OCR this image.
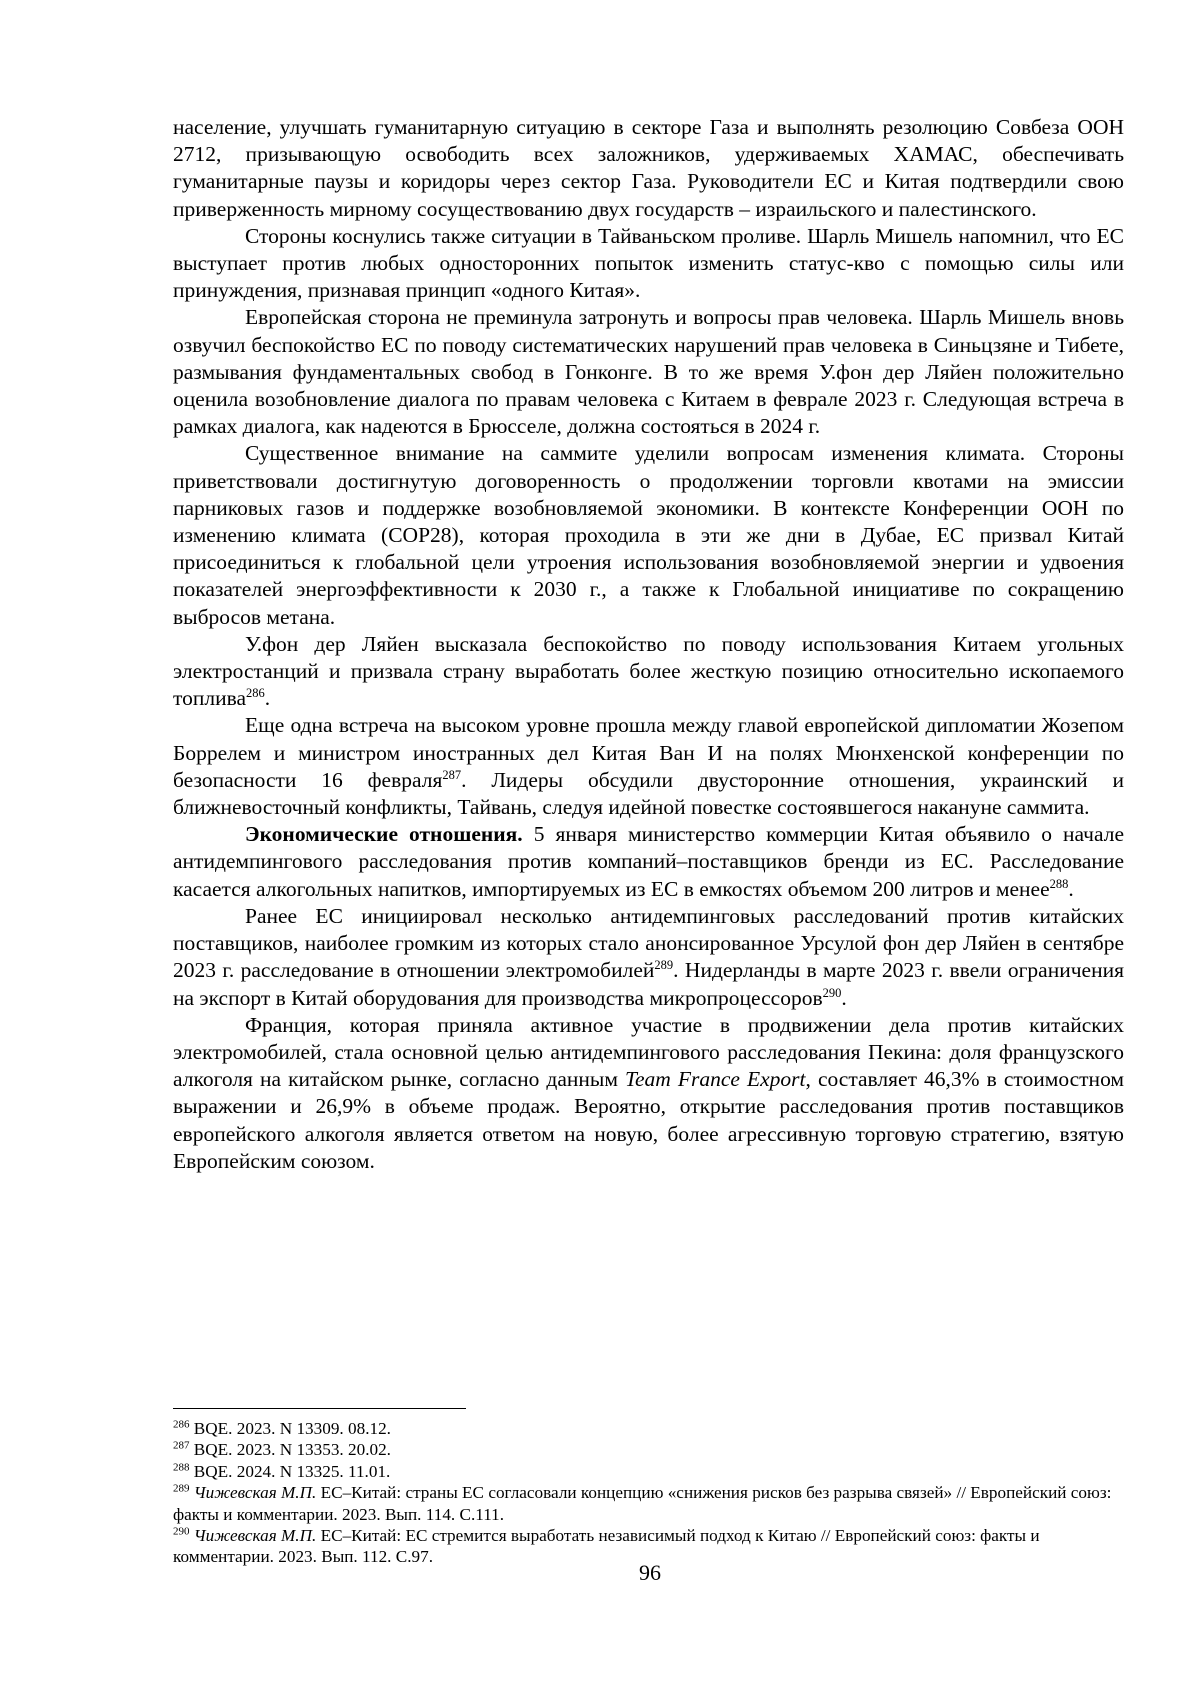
население, улучшать гуманитарную ситуацию в секторе Газа и выполнять резолюцию Совбеза ООН 2712, призывающую освободить всех заложников, удерживаемых ХАМАС, обеспечивать гуманитарные паузы и коридоры через сектор Газа. Руководители ЕС и Китая подтвердили свою приверженность мирному сосуществованию двух государств – израильского и палестинского.

Стороны коснулись также ситуации в Тайваньском проливе. Шарль Мишель напомнил, что ЕС выступает против любых односторонних попыток изменить статус-кво с помощью силы или принуждения, признавая принцип «одного Китая».

Европейская сторона не преминула затронуть и вопросы прав человека. Шарль Мишель вновь озвучил беспокойство ЕС по поводу систематических нарушений прав человека в Синьцзяне и Тибете, размывания фундаментальных свобод в Гонконге. В то же время У.фон дер Ляйен положительно оценила возобновление диалога по правам человека с Китаем в феврале 2023 г. Следующая встреча в рамках диалога, как надеются в Брюсселе, должна состояться в 2024 г.

Существенное внимание на саммите уделили вопросам изменения климата. Стороны приветствовали достигнутую договоренность о продолжении торговли квотами на эмиссии парниковых газов и поддержке возобновляемой экономики. В контексте Конференции ООН по изменению климата (COP28), которая проходила в эти же дни в Дубае, ЕС призвал Китай присоединиться к глобальной цели утроения использования возобновляемой энергии и удвоения показателей энергоэффективности к 2030 г., а также к Глобальной инициативе по сокращению выбросов метана.

У.фон дер Ляйен высказала беспокойство по поводу использования Китаем угольных электростанций и призвала страну выработать более жесткую позицию относительно ископаемого топлива$^{286}$.

Еще одна встреча на высоком уровне прошла между главой европейской дипломатии Жозепом Боррелем и министром иностранных дел Китая Ван И на полях Мюнхенской конференции по безопасности 16 февраля$^{287}$. Лидеры обсудили двусторонние отношения, украинский и ближневосточный конфликты, Тайвань, следуя идейной повестке состоявшегося накануне саммита.

Экономические отношения. 5 января министерство коммерции Китая объявило о начале антидемпингового расследования против компаний–поставщиков бренди из ЕС. Расследование касается алкогольных напитков, импортируемых из ЕС в емкостях объемом 200 литров и менее$^{288}$.

Ранее ЕС инициировал несколько антидемпинговых расследований против китайских поставщиков, наиболее громким из которых стало анонсированное Урсулой фон дер Ляйен в сентябре 2023 г. расследование в отношении электромобилей$^{289}$. Нидерланды в марте 2023 г. ввели ограничения на экспорт в Китай оборудования для производства микропроцессоров$^{290}$.

Франция, которая приняла активное участие в продвижении дела против китайских электромобилей, стала основной целью антидемпингового расследования Пекина: доля французского алкоголя на китайском рынке, согласно данным Team France Export, составляет 46,3% в стоимостном выражении и 26,9% в объеме продаж. Вероятно, открытие расследования против поставщиков европейского алкоголя является ответом на новую, более агрессивную торговую стратегию, взятую Европейским союзом.

$^{286}$ BQE. 2023. N 13309. 08.12.

$^{287}$ BQE. 2023. N 13353. 20.02.

$^{288}$ BQE. 2024. N 13325. 11.01.

$^{289}$ Чижевская М.П. ЕС–Китай: страны ЕС согласовали концепцию «снижения рисков без разрыва связей» // Европейский союз: факты и комментарии. 2023. Вып. 114. С.111.

$^{290}$ Чижевская М.П. ЕС–Китай: ЕС стремится выработать независимый подход к Китаю // Европейский союз: факты и комментарии. 2023. Вып. 112. С.97.

96
